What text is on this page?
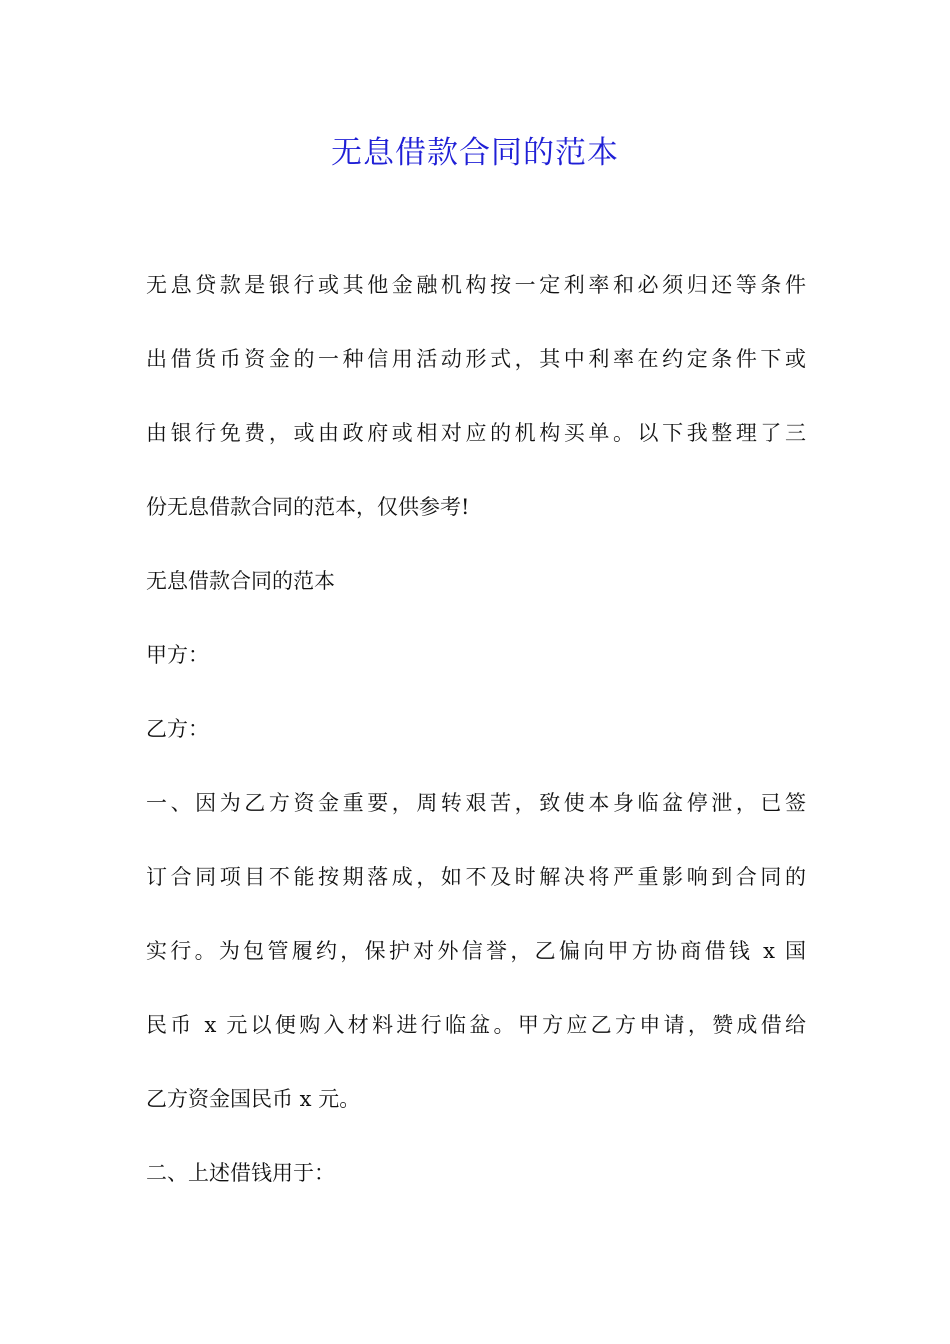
无息借款合同的范本
无息贷款是银行或其他金融机构按一定利率和必须归还等条件
出借货币资金的一种信用活动形式，其中利率在约定条件下或
由银行免费，或由政府或相对应的机构买单。以下我整理了三
份无息借款合同的范本，仅供参考!
无息借款合同的范本
甲方：
乙方：
一、因为乙方资金重要，周转艰苦，致使本身临盆停泄，已签
订合同项目不能按期落成，如不及时解决将严重影响到合同的
实行。为包管履约，保护对外信誉，乙偏向甲方协商借钱 x 国
民币 x 元以便购入材料进行临盆。甲方应乙方申请，赞成借给
乙方资金国民币 x 元。
二、上述借钱用于：
